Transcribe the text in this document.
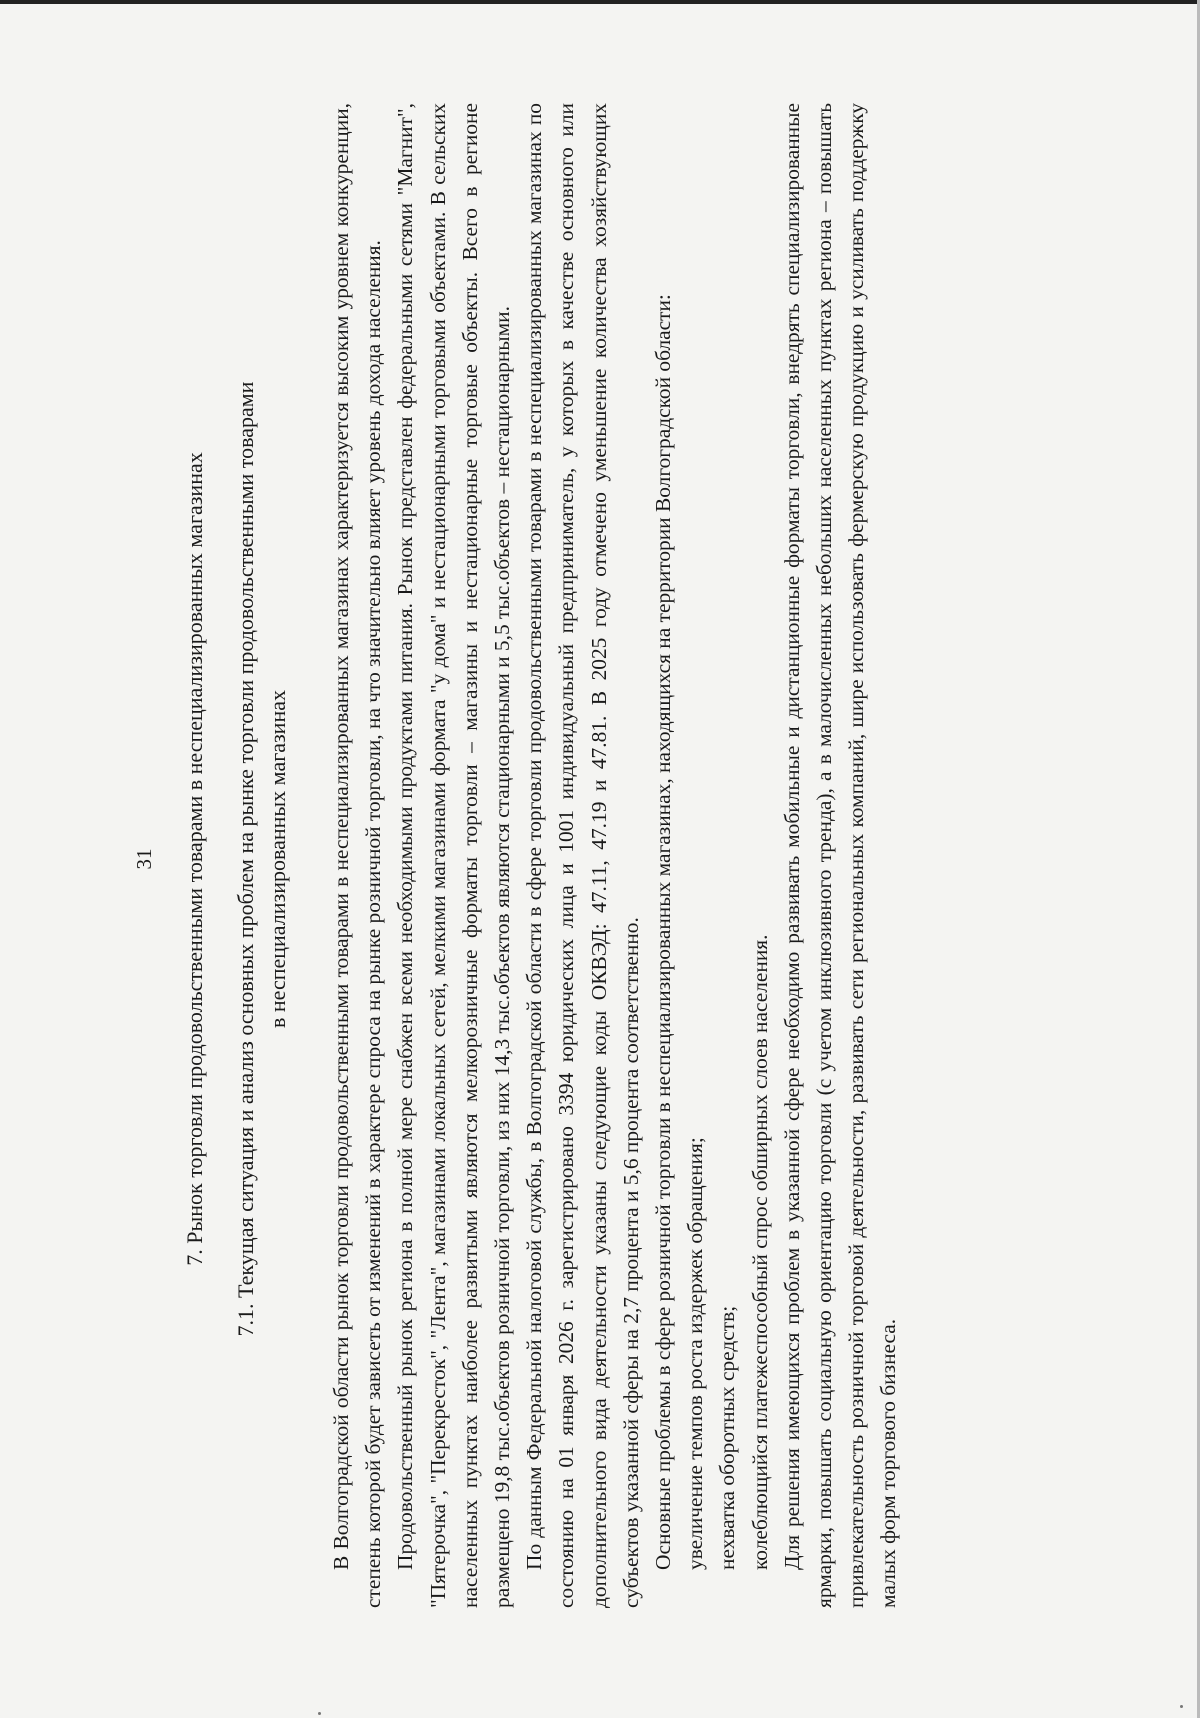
31 7. Рынок торговли продовольственными товарами в неспециализированных магазинах 7.1. Текущая ситуация и анализ основных проблем на рынке торговли продовольственными товарами в неспециализированных магазинах В Волгоградской области рынок торговли продовольственными товарами в неспециализированных магазинах характеризуется высоким уровнем конкуренции, степень которой будет зависеть от изменений в характере спроса на рынке розничной торговли, на что значительно влияет уровень дохода населения. Продовольственный рынок региона в полной мере снабжен всеми необходимыми продуктами питания. Рынок представлен федеральными сетями "Магнит", "Пятерочка", "Перекресток", "Лента", магазинами локальных сетей, мелкими магазинами формата "у дома" и нестационарными торговыми объектами. В сельских населенных пунктах наиболее развитыми являются мелкорозничные форматы торговли – магазины и нестационарные торговые объекты. Всего в регионе размещено 19,8 тыс.объектов розничной торговли, из них 14,3 тыс.объектов являются стационарными и 5,5 тыс.объектов – нестационарными. По данным Федеральной налоговой службы, в Волгоградской области в сфере торговли продовольственными товарами в неспециализированных магазинах по состоянию на 01 января 2026 г. зарегистрировано 3394 юридических лица и 1001 индивидуальный предприниматель, у которых в качестве основного или дополнительного вида деятельности указаны следующие коды ОКВЭД: 47.11, 47.19 и 47.81. В 2025 году отмечено уменьшение количества хозяйствующих субъектов указанной сферы на 2,7 процента и 5,6 процента соответственно. Основные проблемы в сфере розничной торговли в неспециализированных магазинах, находящихся на территории Волгоградской области: увеличение темпов роста издержек обращения; нехватка оборотных средств; колеблющийся платежеспособный спрос обширных слоев населения. Для решения имеющихся проблем в указанной сфере необходимо развивать мобильные и дистанционные форматы торговли, внедрять специализированные ярмарки, повышать социальную ориентацию торговли (с учетом инклюзивного тренда), а в малочисленных небольших населенных пунктах региона – повышать привлекательность розничной торговой деятельности, развивать сети региональных компаний, шире использовать фермерскую продукцию и усиливать поддержку малых форм торгового бизнеса.
